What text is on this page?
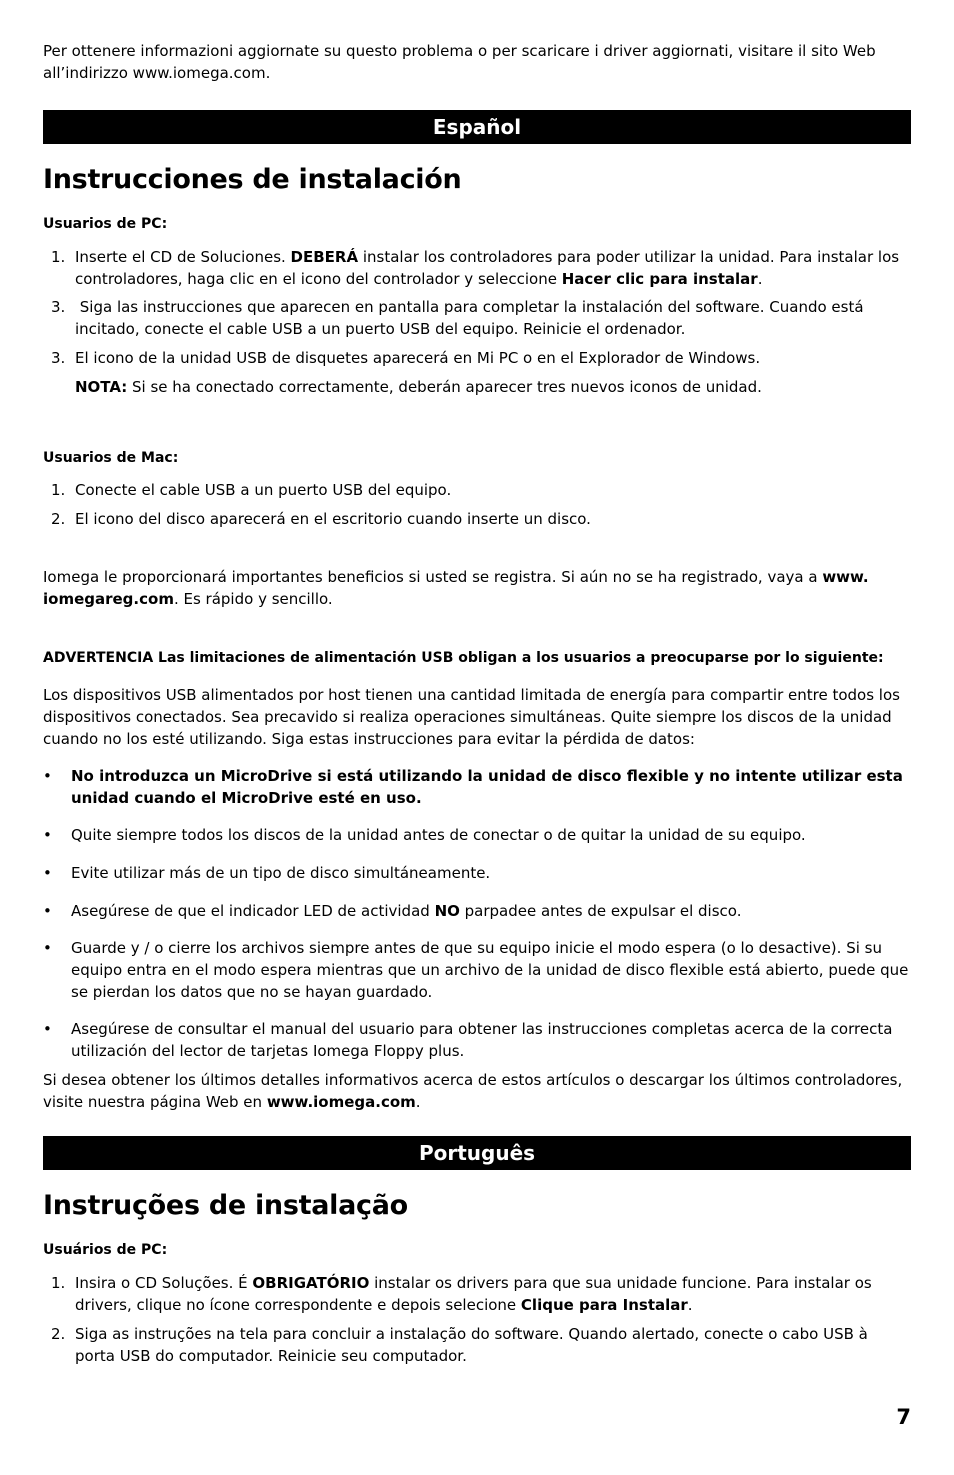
Per ottenere informazioni aggiornate su questo problema o per scaricare i driver aggiornati, visitare il sito Web all’indirizzo www.iomega.com.

Español
Instrucciones de instalación
Usuarios de PC:
1. Inserte el CD de Soluciones. DEBERÁ instalar los controladores para poder utilizar la unidad. Para instalar los controladores, haga clic en el icono del controlador y seleccione Hacer clic para instalar.
3. Siga las instrucciones que aparecen en pantalla para completar la instalación del software. Cuando está incitado, conecte el cable USB a un puerto USB del equipo. Reinicie el ordenador.
3. El icono de la unidad USB de disquetes aparecerá en Mi PC o en el Explorador de Windows.
NOTA: Si se ha conectado correctamente, deberán aparecer tres nuevos iconos de unidad.
Usuarios de Mac:
1. Conecte el cable USB a un puerto USB del equipo.
2. El icono del disco aparecerá en el escritorio cuando inserte un disco.

Iomega le proporcionará importantes beneficios si usted se registra. Si aún no se ha registrado, vaya a www. iomegareg.com. Es rápido y sencillo.

ADVERTENCIA Las limitaciones de alimentación USB obligan a los usuarios a preocuparse por lo siguiente:

Los dispositivos USB alimentados por host tienen una cantidad limitada de energía para compartir entre todos los dispositivos conectados. Sea precavido si realiza operaciones simultáneas. Quite siempre los discos de la unidad cuando no los esté utilizando. Siga estas instrucciones para evitar la pérdida de datos:

• No introduzca un MicroDrive si está utilizando la unidad de disco flexible y no intente utilizar esta unidad cuando el MicroDrive esté en uso.
• Quite siempre todos los discos de la unidad antes de conectar o de quitar la unidad de su equipo.
• Evite utilizar más de un tipo de disco simultáneamente.
• Asegúrese de que el indicador LED de actividad NO parpadee antes de expulsar el disco.
• Guarde y / o cierre los archivos siempre antes de que su equipo inicie el modo espera (o lo desactive). Si su equipo entra en el modo espera mientras que un archivo de la unidad de disco flexible está abierto, puede que se pierdan los datos que no se hayan guardado.
• Asegúrese de consultar el manual del usuario para obtener las instrucciones completas acerca de la correcta utilización del lector de tarjetas Iomega Floppy plus.

Si desea obtener los últimos detalles informativos acerca de estos artículos o descargar los últimos controladores, visite nuestra página Web en www.iomega.com.

Português
Instruções de instalação
Usuários de PC:
1. Insira o CD Soluções. É OBRIGATÓRIO instalar os drivers para que sua unidade funcione. Para instalar os drivers, clique no ícone correspondente e depois selecione Clique para Instalar.
2. Siga as instruções na tela para concluir a instalação do software. Quando alertado, conecte o cabo USB à porta USB do computador. Reinicie seu computador.
7
